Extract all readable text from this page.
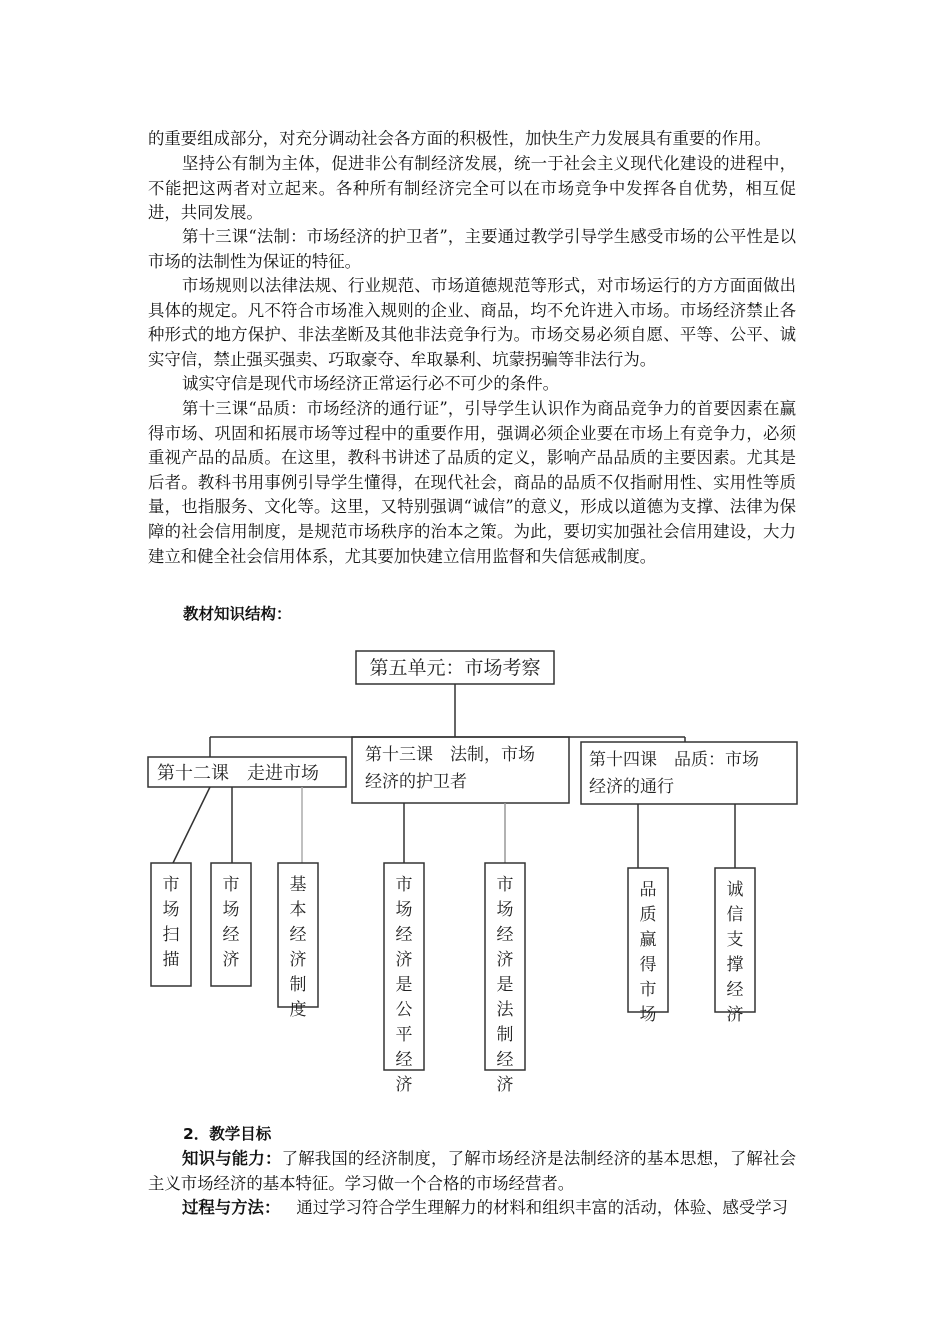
的重要组成部分，对充分调动社会各方面的积极性，加快生产力发展具有重要的作用。

坚持公有制为主体，促进非公有制经济发展，统一于社会主义现代化建设的进程中，不能把这两者对立起来。各种所有制经济完全可以在市场竞争中发挥各自优势，相互促进，共同发展。

第十三课“法制：市场经济的护卫者”，主要通过教学引导学生感受市场的公平性是以市场的法制性为保证的特征。

市场规则以法律法规、行业规范、市场道德规范等形式，对市场运行的方方面面做出具体的规定。凡不符合市场准入规则的企业、商品，均不允许进入市场。市场经济禁止各种形式的地方保护、非法垄断及其他非法竞争行为。市场交易必须自愿、平等、公平、诚实守信，禁止强买强卖、巧取豪夺、牟取暴利、坑蒙拐骗等非法行为。

诚实守信是现代市场经济正常运行必不可少的条件。

第十三课“品质：市场经济的通行证”，引导学生认识作为商品竞争力的首要因素在赢得市场、巩固和拓展市场等过程中的重要作用，强调必须企业要在市场上有竞争力，必须重视产品的品质。在这里，教科书讲述了品质的定义，影响产品品质的主要因素。尤其是后者。教科书用事例引导学生懂得，在现代社会，商品的品质不仅指耐用性、实用性等质量，也指服务、文化等。这里，又特别强调“诚信”的意义，形成以道德为支撑、法律为保障的社会信用制度，是规范市场秩序的治本之策。为此，要切实加强社会信用建设，大力建立和健全社会信用体系，尤其要加快建立信用监督和失信惩戒制度。

教材知识结构：

第五单元：市场考察
第十二课　走进市场
第十三课　法制，市场
经济的护卫者
第十四课　品质：市场
经济的通行
市场扫描
市场经济
基本经济制度
市场经济是公平经济
市场经济是法制经济
品质赢得市场
诚信支撑经济

2．教学目标

知识与能力：了解我国的经济制度，了解市场经济是法制经济的基本思想，了解社会主义市场经济的基本特征。学习做一个合格的市场经营者。

过程与方法： 通过学习符合学生理解力的材料和组织丰富的活动，体验、感受学习
